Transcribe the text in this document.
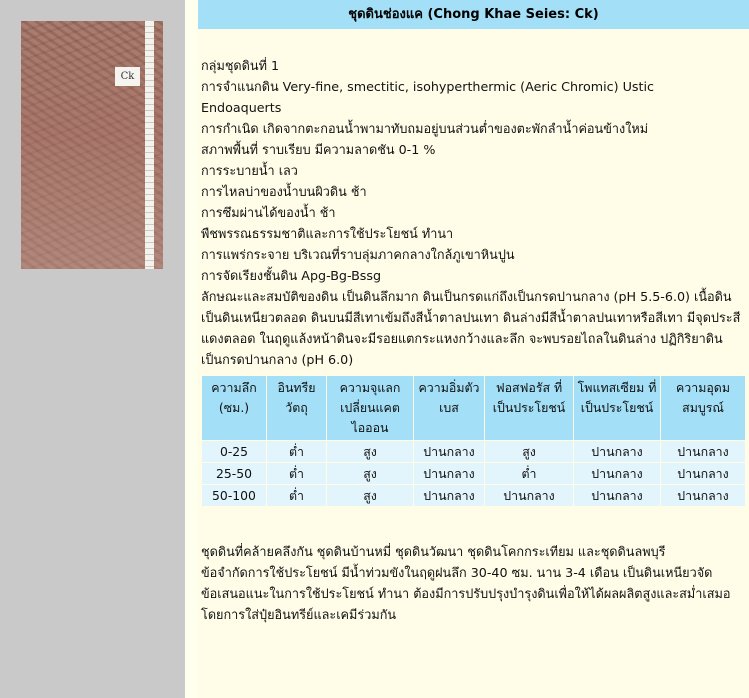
Ck
ชุดดินช่องแค (Chong Khae Seies: Ck)
กลุ่มชุดดินที่ 1
การจำแนกดิน Very-fine, smectitic, isohyperthermic (Aeric Chromic) Ustic
Endoaquerts
การกำเนิด เกิดจากตะกอนน้ำพามาทับถมอยู่บนส่วนต่ำของตะพักลำน้ำค่อนข้างใหม่
สภาพพื้นที่ ราบเรียบ มีความลาดชัน 0-1 %
การระบายน้ำ เลว
การไหลบ่าของน้ำบนผิวดิน ช้า
การซึมผ่านได้ของน้ำ ช้า
พืชพรรณธรรมชาติและการใช้ประโยชน์ ทำนา
การแพร่กระจาย บริเวณที่ราบลุ่มภาคกลางใกล้ภูเขาหินปูน
การจัดเรียงชั้นดิน Apg-Bg-Bssg
ลักษณะและสมบัติของดิน เป็นดินลึกมาก ดินเป็นกรดแก่ถึงเป็นกรดปานกลาง (pH 5.5-6.0) เนื้อดินเป็นดินเหนียวตลอด ดินบนมีสีเทาเข้มถึงสีน้ำตาลปนเทา ดินล่างมีสีน้ำตาลปนเทาหรือสีเทา มีจุดประสีแดงตลอด ในฤดูแล้งหน้าดินจะมีรอยแตกระแหงกว้างและลึก จะพบรอยไถลในดินล่าง ปฏิกิริยาดินเป็นกรดปานกลาง (pH 6.0)
ความลึก (ซม.)	อินทรีย วัตถุ	ความจุแลกเปลี่ยนแคตไอออน	ความอิ่มตัวเบส	ฟอสฟอรัส ที่เป็นประโยชน์	โพแทสเซียม ที่เป็นประโยชน์	ความอุดม สมบูรณ์
0-25	ต่ำ	สูง	ปานกลาง	สูง	ปานกลาง	ปานกลาง
25-50	ต่ำ	สูง	ปานกลาง	ต่ำ	ปานกลาง	ปานกลาง
50-100	ต่ำ	สูง	ปานกลาง	ปานกลาง	ปานกลาง	ปานกลาง
ชุดดินที่คล้ายคลึงกัน ชุดดินบ้านหมี่ ชุดดินวัฒนา ชุดดินโคกกระเทียม และชุดดินลพบุรี
ข้อจำกัดการใช้ประโยชน์ มีน้ำท่วมขังในฤดูฝนลึก 30-40 ซม. นาน 3-4 เดือน เป็นดินเหนียวจัด
ข้อเสนอแนะในการใช้ประโยชน์ ทำนา ต้องมีการปรับปรุงบำรุงดินเพื่อให้ได้ผลผลิตสูงและสม่ำเสมอ โดยการใส่ปุ๋ยอินทรีย์และเคมีร่วมกัน
